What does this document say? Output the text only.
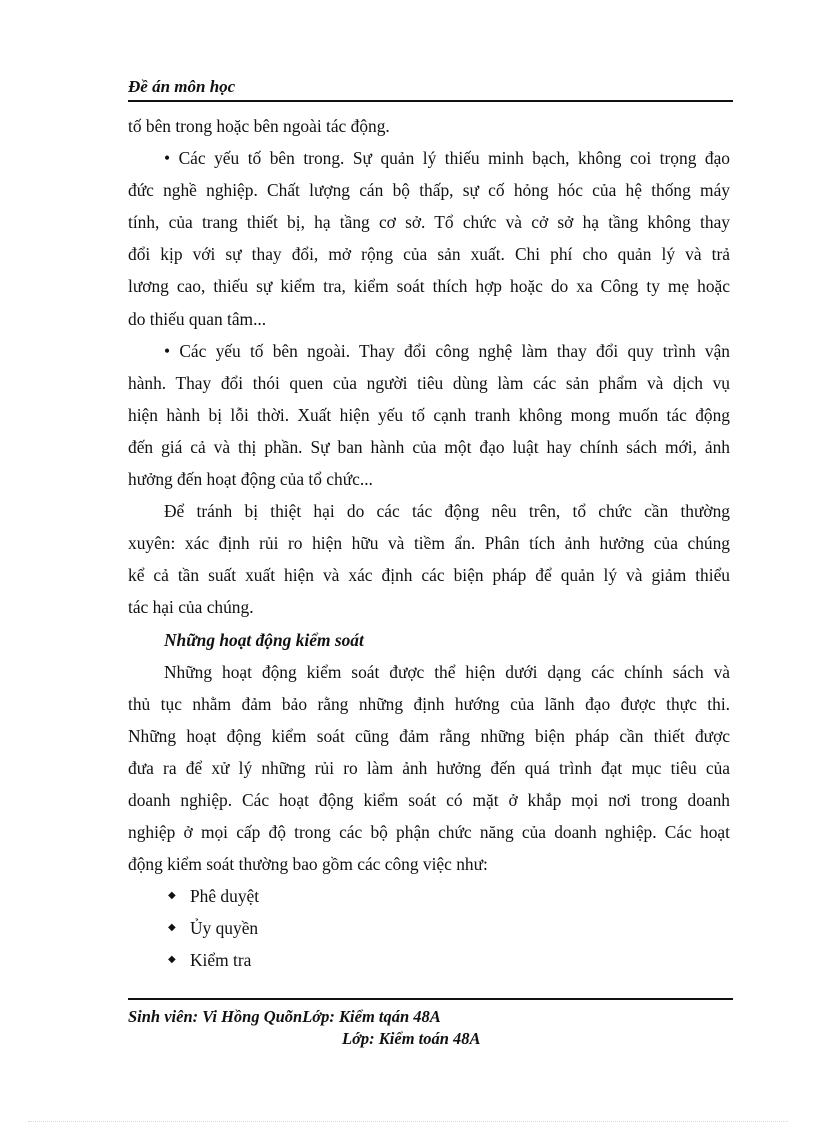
Đề án môn học
tố bên trong hoặc bên ngoài tác động.
• Các yếu tố bên trong. Sự quản lý thiếu minh bạch, không coi trọng đạo
đức nghề nghiệp. Chất lượng cán bộ thấp, sự cố hỏng hóc của hệ thống máy
tính, của trang thiết bị, hạ tầng cơ sở. Tổ chức và cở sở hạ tầng không thay
đổi kịp với sự thay đổi, mở rộng của sản xuất. Chi phí cho quản lý và trả
lương cao, thiếu sự kiểm tra, kiểm soát thích hợp hoặc do xa Công ty mẹ hoặc
do thiếu quan tâm...
• Các yếu tố bên ngoài. Thay đổi công nghệ làm thay đổi quy trình vận
hành. Thay đổi thói quen của người tiêu dùng làm các sản phẩm và dịch vụ
hiện hành bị lỗi thời. Xuất hiện yếu tố cạnh tranh không mong muốn tác động
đến giá cả và thị phần. Sự ban hành của một đạo luật hay chính sách mới, ảnh
hưởng đến hoạt động của tổ chức...
Để tránh bị thiệt hại do các tác động nêu trên, tổ chức cần thường
xuyên: xác định rủi ro hiện hữu và tiềm ẩn. Phân tích ảnh hưởng của chúng
kể cả tần suất xuất hiện và xác định các biện pháp để quản lý và giảm thiểu
tác hại của chúng.
Những hoạt động kiểm soát
Những hoạt động kiểm soát được thể hiện dưới dạng các chính sách và
thủ tục nhằm đảm bảo rằng những định hướng của lãnh đạo được thực thi.
Những hoạt động kiểm soát cũng đảm rằng những biện pháp cần thiết được
đưa ra để xử lý những rủi ro làm ảnh hưởng đến quá trình đạt mục tiêu của
doanh nghiệp. Các hoạt động kiểm soát có mặt ở khắp mọi nơi trong doanh
nghiệp ở mọi cấp độ trong các bộ phận chức năng của doanh nghiệp. Các hoạt
động kiểm soát thường bao gồm các công việc như:
◆ Phê duyệt
◆ Ủy quyền
◆ Kiểm tra
Sinh viên: Vi Hồng QuõnLớp: Kiểm tqán 48A
Lớp: Kiểm toán 48A
